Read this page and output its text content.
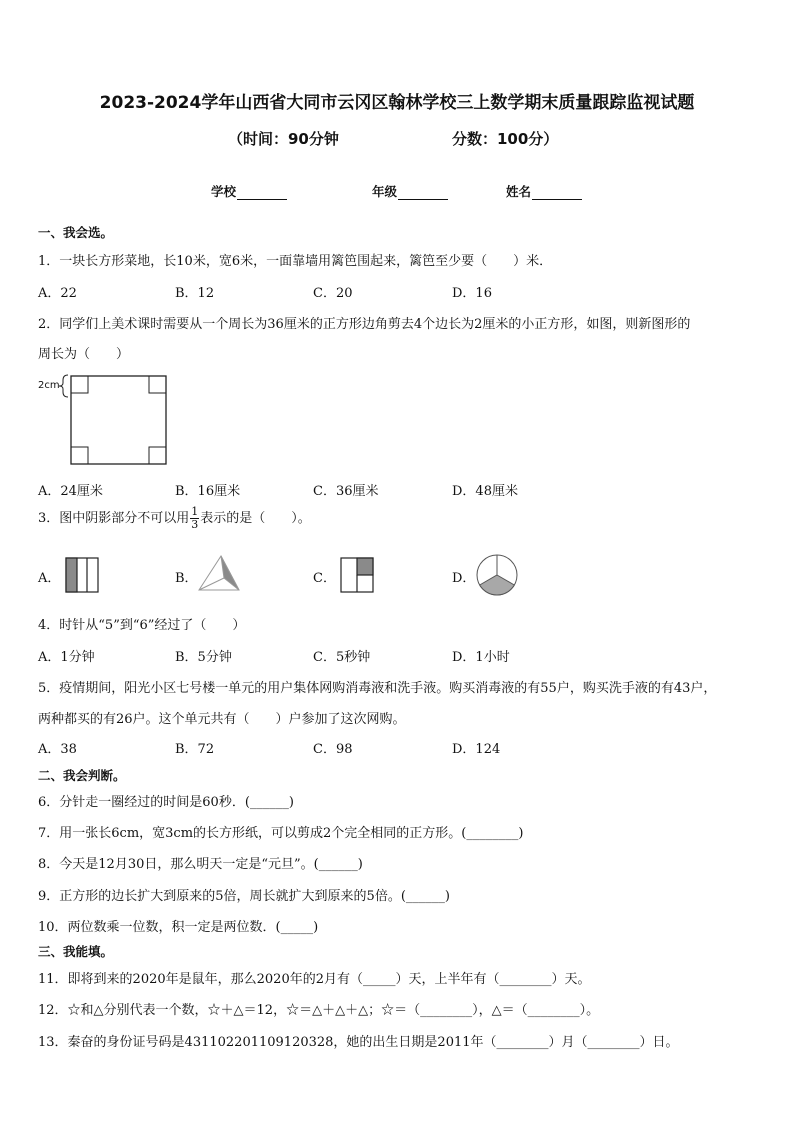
2023-2024学年山西省大同市云冈区翰林学校三上数学期末质量跟踪监视试题
（时间：90分钟	分数：100分）
学校	年级	姓名
一、我会选。
1．一块长方形菜地，长10米，宽6米，一面靠墙用篱笆围起来，篱笆至少要（　　）米．
A．22	B．12	C．20	D．16
2．同学们上美术课时需要从一个周长为36厘米的正方形边角剪去4个边长为2厘米的小正方形，如图，则新图形的
周长为（　　）
2cm
A．24厘米	B．16厘米	C．36厘米	D．48厘米
3．图中阴影部分不可以用 $\frac{1}{3}$ 表示的是（　　）。
A．	B．	C．	D．
4．时针从“5”到“6”经过了（　　）
A．1分钟	B．5分钟	C．5秒钟	D．1小时
5．疫情期间，阳光小区七号楼一单元的用户集体网购消毒液和洗手液。购买消毒液的有55户，购买洗手液的有43户，
两种都买的有26户。这个单元共有（　　）户参加了这次网购。
A．38	B．72	C．98	D．124
二、我会判断。
6．分针走一圈经过的时间是60秒．(______)
7．用一张长6cm，宽3cm的长方形纸，可以剪成2个完全相同的正方形。(________)
8．今天是12月30日，那么明天一定是“元旦”。(______)
9．正方形的边长扩大到原来的5倍，周长就扩大到原来的5倍。(______)
10．两位数乘一位数，积一定是两位数．(_____)
三、我能填。
11．即将到来的2020年是鼠年，那么2020年的2月有（_____）天，上半年有（________）天。
12．☆和△分别代表一个数，☆＋△＝12，☆＝△＋△＋△；☆＝（________），△＝（________）。
13．秦奋的身份证号码是431102201109120328，她的出生日期是2011年（________）月（________）日。
